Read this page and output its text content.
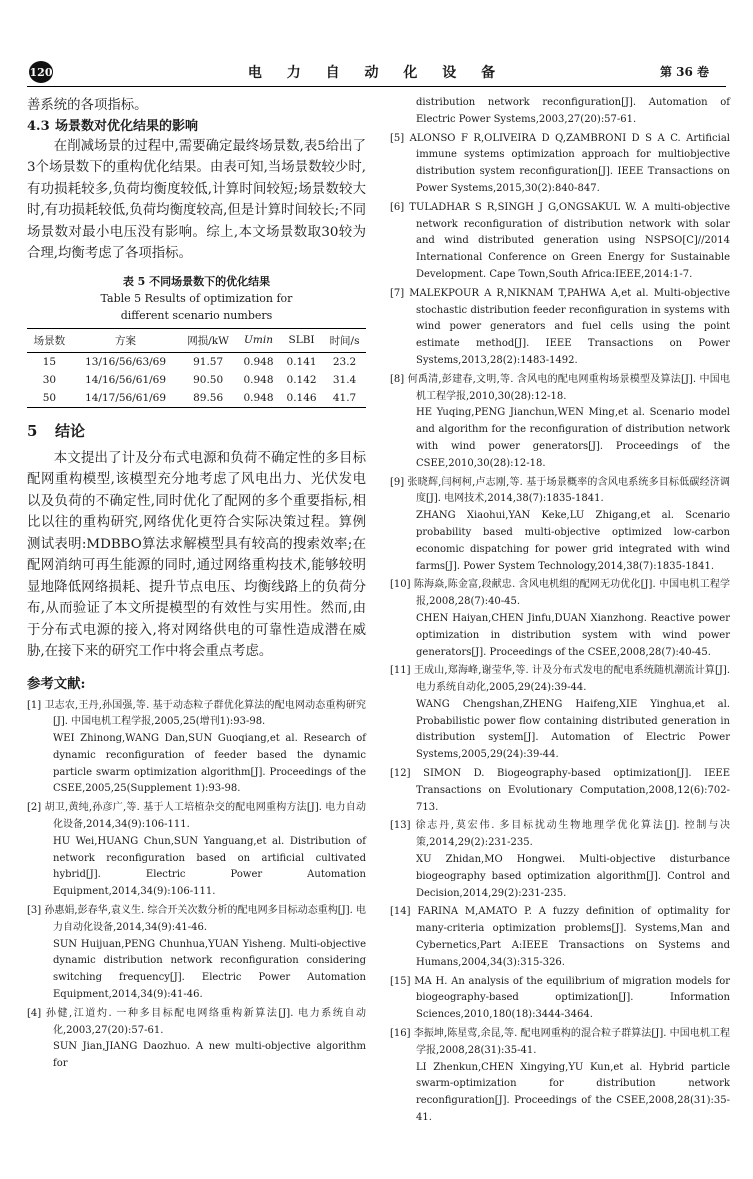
120	电 力 自 动 化 设 备	第 36 卷

善系统的各项指标。

4.3 场景数对优化结果的影响

在削减场景的过程中,需要确定最终场景数,表5给出了3个场景数下的重构优化结果。由表可知,当场景数较少时,有功损耗较多,负荷均衡度较低,计算时间较短;场景数较大时,有功损耗较低,负荷均衡度较高,但是计算时间较长;不同场景数对最小电压没有影响。综上,本文场景数取30较为合理,均衡考虑了各项指标。

表 5 不同场景数下的优化结果
Table 5 Results of optimization for
different scenario numbers
场景数	方案	网损/kW	Umin	SLBI	时间/s
15	13/16/56/63/69	91.57	0.948	0.141	23.2
30	14/16/56/61/69	90.50	0.948	0.142	31.4
50	14/17/56/61/69	89.56	0.948	0.146	41.7

5 结论

本文提出了计及分布式电源和负荷不确定性的多目标配网重构模型,该模型充分地考虑了风电出力、光伏发电以及负荷的不确定性,同时优化了配网的多个重要指标,相比以往的重构研究,网络优化更符合实际决策过程。算例测试表明:MDBBO算法求解模型具有较高的搜索效率;在配网消纳可再生能源的同时,通过网络重构技术,能够较明显地降低网络损耗、提升节点电压、均衡线路上的负荷分布,从而验证了本文所提模型的有效性与实用性。然而,由于分布式电源的接入,将对网络供电的可靠性造成潜在威胁,在接下来的研究工作中将会重点考虑。

参考文献:

[1] 卫志农,王丹,孙国强,等. 基于动态粒子群优化算法的配电网动态重构研究[J]. 中国电机工程学报,2005,25(增刊1):93-98.
WEI Zhinong,WANG Dan,SUN Guoqiang,et al. Research of dynamic reconfiguration of feeder based the dynamic particle swarm optimization algorithm[J]. Proceedings of the CSEE,2005,25(Supplement 1):93-98.

[2] 胡卫,黄纯,孙彦广,等. 基于人工培植杂交的配电网重构方法[J]. 电力自动化设备,2014,34(9):106-111.
HU Wei,HUANG Chun,SUN Yanguang,et al. Distribution of network reconfiguration based on artificial cultivated hybrid[J]. Electric Power Automation Equipment,2014,34(9):106-111.

[3] 孙惠娟,彭春华,袁义生. 综合开关次数分析的配电网多目标动态重构[J]. 电力自动化设备,2014,34(9):41-46.
SUN Huijuan,PENG Chunhua,YUAN Yisheng. Multi-objective dynamic distribution network reconfiguration considering switching frequency[J]. Electric Power Automation Equipment,2014,34(9):41-46.

[4] 孙健,江道灼. 一种多目标配电网络重构新算法[J]. 电力系统自动化,2003,27(20):57-61.
SUN Jian,JIANG Daozhuo. A new multi-objective algorithm for

distribution network reconfiguration[J]. Automation of Electric Power Systems,2003,27(20):57-61.

[5] ALONSO F R,OLIVEIRA D Q,ZAMBRONI D S A C. Artificial immune systems optimization approach for multiobjective distribution system reconfiguration[J]. IEEE Transactions on Power Systems,2015,30(2):840-847.

[6] TULADHAR S R,SINGH J G,ONGSAKUL W. A multi-objective network reconfiguration of distribution network with solar and wind distributed generation using NSPSO[C]//2014 International Conference on Green Energy for Sustainable Development. Cape Town,South Africa:IEEE,2014:1-7.

[7] MALEKPOUR A R,NIKNAM T,PAHWA A,et al. Multi-objective stochastic distribution feeder reconfiguration in systems with wind power generators and fuel cells using the point estimate method[J]. IEEE Transactions on Power Systems,2013,28(2):1483-1492.

[8] 何禹清,彭建春,文明,等. 含风电的配电网重构场景模型及算法[J]. 中国电机工程学报,2010,30(28):12-18.
HE Yuqing,PENG Jianchun,WEN Ming,et al. Scenario model and algorithm for the reconfiguration of distribution network with wind power generators[J]. Proceedings of the CSEE,2010,30(28):12-18.

[9] 张晓辉,闫柯柯,卢志刚,等. 基于场景概率的含风电系统多目标低碳经济调度[J]. 电网技术,2014,38(7):1835-1841.
ZHANG Xiaohui,YAN Keke,LU Zhigang,et al. Scenario probability based multi-objective optimized low-carbon economic dispatching for power grid integrated with wind farms[J]. Power System Technology,2014,38(7):1835-1841.

[10] 陈海焱,陈金富,段献忠. 含风电机组的配网无功优化[J]. 中国电机工程学报,2008,28(7):40-45.
CHEN Haiyan,CHEN Jinfu,DUAN Xianzhong. Reactive power optimization in distribution system with wind power generators[J]. Proceedings of the CSEE,2008,28(7):40-45.

[11] 王成山,郑海峰,谢莹华,等. 计及分布式发电的配电系统随机潮流计算[J]. 电力系统自动化,2005,29(24):39-44.
WANG Chengshan,ZHENG Haifeng,XIE Yinghua,et al. Probabilistic power flow containing distributed generation in distribution system[J]. Automation of Electric Power Systems,2005,29(24):39-44.

[12] SIMON D. Biogeography-based optimization[J]. IEEE Transactions on Evolutionary Computation,2008,12(6):702-713.

[13] 徐志丹,莫宏伟. 多目标扰动生物地理学优化算法[J]. 控制与决策,2014,29(2):231-235.
XU Zhidan,MO Hongwei. Multi-objective disturbance biogeography based optimization algorithm[J]. Control and Decision,2014,29(2):231-235.

[14] FARINA M,AMATO P. A fuzzy definition of optimality for many-criteria optimization problems[J]. Systems,Man and Cybernetics,Part A:IEEE Transactions on Systems and Humans,2004,34(3):315-326.

[15] MA H. An analysis of the equilibrium of migration models for biogeography-based optimization[J]. Information Sciences,2010,180(18):3444-3464.

[16] 李振坤,陈星莺,余昆,等. 配电网重构的混合粒子群算法[J]. 中国电机工程学报,2008,28(31):35-41.
LI Zhenkun,CHEN Xingying,YU Kun,et al. Hybrid particle swarm-optimization for distribution network reconfiguration[J]. Proceedings of the CSEE,2008,28(31):35-41.
